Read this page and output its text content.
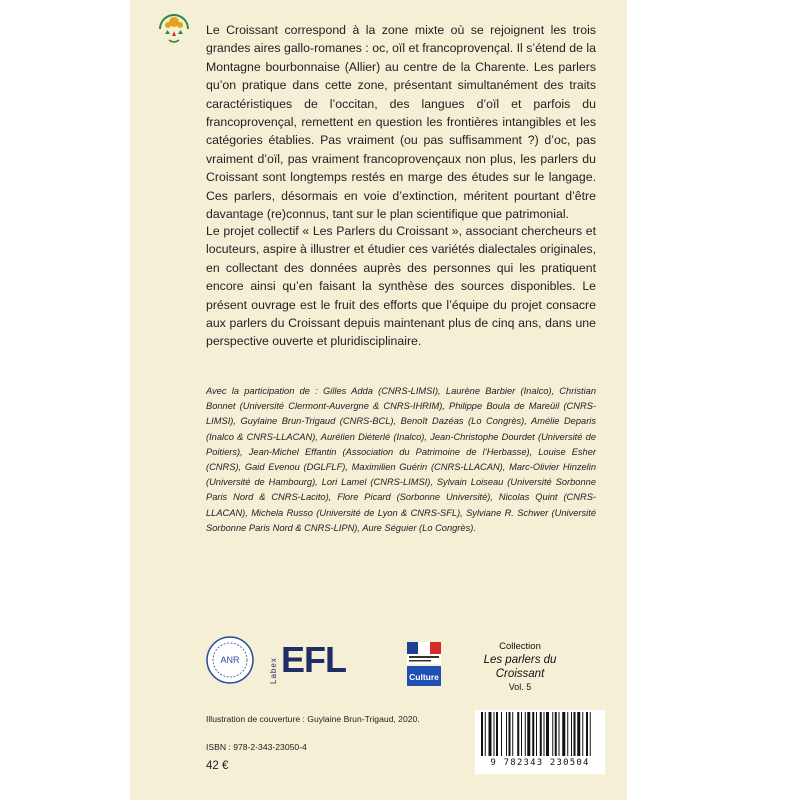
Le Croissant correspond à la zone mixte où se rejoignent les trois grandes aires gallo-romanes : oc, oïl et francoprovençal. Il s’étend de la Montagne bourbonnaise (Allier) au centre de la Charente. Les parlers qu’on pratique dans cette zone, présentant simultanément des traits caractéristiques de l’occitan, des langues d’oïl et parfois du francoprovençal, remettent en question les frontières intangibles et les catégories établies. Pas vraiment (ou pas suffisamment ?) d’oc, pas vraiment d’oïl, pas vraiment francoprovençaux non plus, les parlers du Croissant sont longtemps restés en marge des études sur le langage. Ces parlers, désormais en voie d’extinction, méritent pourtant d’être davantage (re)connus, tant sur le plan scientifique que patrimonial.

Le projet collectif « Les Parlers du Croissant », associant chercheurs et locuteurs, aspire à illustrer et étudier ces variétés dialectales originales, en collectant des données auprès des personnes qui les pratiquent encore ainsi qu’en faisant la synthèse des sources disponibles. Le présent ouvrage est le fruit des efforts que l’équipe du projet consacre aux parlers du Croissant depuis maintenant plus de cinq ans, dans une perspective ouverte et pluridisciplinaire.

Avec la participation de : Gilles Adda (CNRS-LIMSI), Laurène Barbier (Inalco), Christian Bonnet (Université Clermont-Auvergne & CNRS-IHRIM), Philippe Boula de Mareüil (CNRS-LIMSI), Guylaine Brun-Trigaud (CNRS-BCL), Benoît Dazéas (Lo Congrès), Amélie Deparis (Inalco & CNRS-LLACAN), Aurélien Diéterlé (Inalco), Jean-Christophe Dourdet (Université de Poitiers), Jean-Michel Effantin (Association du Patrimoine de l’Herbasse), Louise Esher (CNRS), Gaid Evenou (DGLFLF), Maximilien Guérin (CNRS-LLACAN), Marc-Olivier Hinzelin (Université de Hambourg), Lori Lamel (CNRS-LIMSI), Sylvain Loiseau (Université Sorbonne Paris Nord & CNRS-Lacito), Flore Picard (Sorbonne Université), Nicolas Quint (CNRS-LLACAN), Michela Russo (Université de Lyon & CNRS-SFL), Sylviane R. Schwer (Université Sorbonne Paris Nord & CNRS-LIPN), Aure Séguier (Lo Congrès).

ANR	Labex EFL	Culture
Collection
Les parlers du Croissant
Vol. 5
Illustration de couverture : Guylaine Brun-Trigaud, 2020.
9 782343 230504
ISBN : 978-2-343-23050-4
42 €
